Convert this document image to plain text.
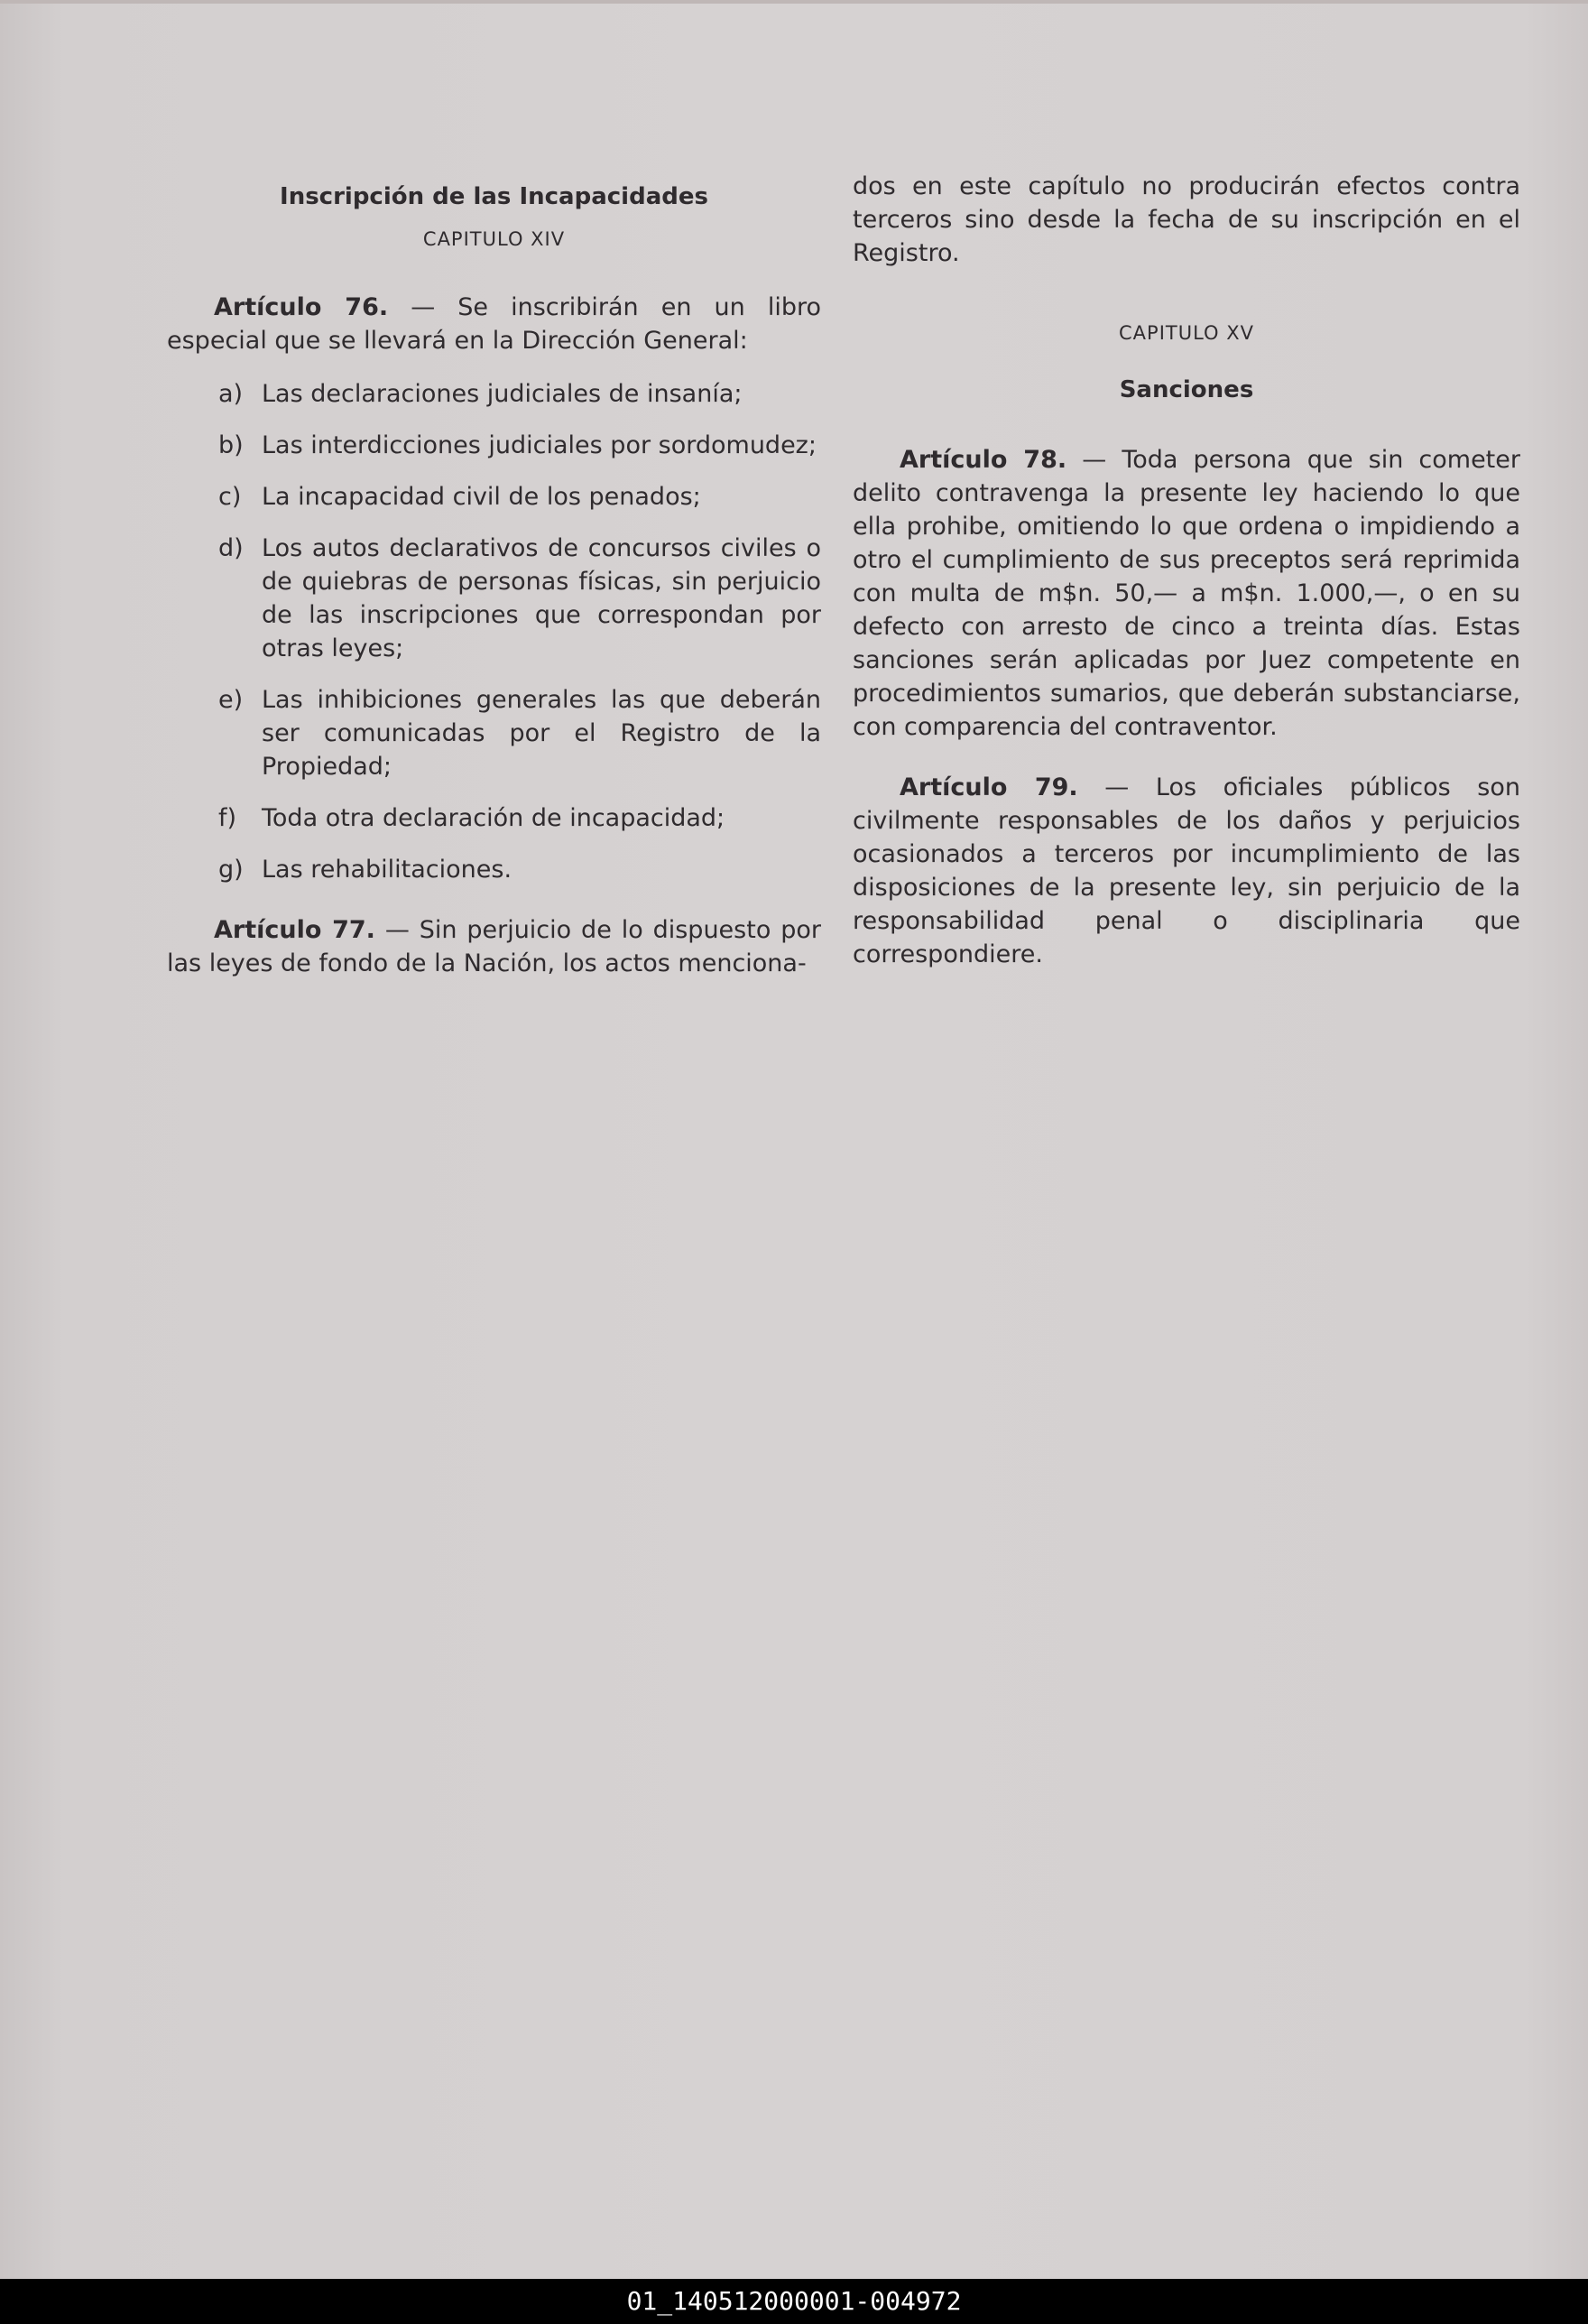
Inscripción de las Incapacidades
CAPITULO XIV

Artículo 76. — Se inscribirán en un libro especial que se llevará en la Dirección General:

a) Las declaraciones judiciales de insanía;
b) Las interdicciones judiciales por sordomudez;
c) La incapacidad civil de los penados;
d) Los autos declarativos de concursos civiles o de quiebras de personas físicas, sin perjuicio de las inscripciones que correspondan por otras leyes;
e) Las inhibiciones generales las que deberán ser comunicadas por el Registro de la Propiedad;
f) Toda otra declaración de incapacidad;
g) Las rehabilitaciones.

Artículo 77. — Sin perjuicio de lo dispuesto por las leyes de fondo de la Nación, los actos menciona-

dos en este capítulo no producirán efectos contra terceros sino desde la fecha de su inscripción en el Registro.

CAPITULO XV
Sanciones

Artículo 78. — Toda persona que sin cometer delito contravenga la presente ley haciendo lo que ella prohibe, omitiendo lo que ordena o impidiendo a otro el cumplimiento de sus preceptos será reprimida con multa de m$n. 50,— a m$n. 1.000,—, o en su defecto con arresto de cinco a treinta días. Estas sanciones serán aplicadas por Juez competente en procedimientos sumarios, que deberán substanciarse, con comparencia del contraventor.

Artículo 79. — Los oficiales públicos son civilmente responsables de los daños y perjuicios ocasionados a terceros por incumplimiento de las disposiciones de la presente ley, sin perjuicio de la responsabilidad penal o disciplinaria que correspondiere.

01_140512000001-004972
